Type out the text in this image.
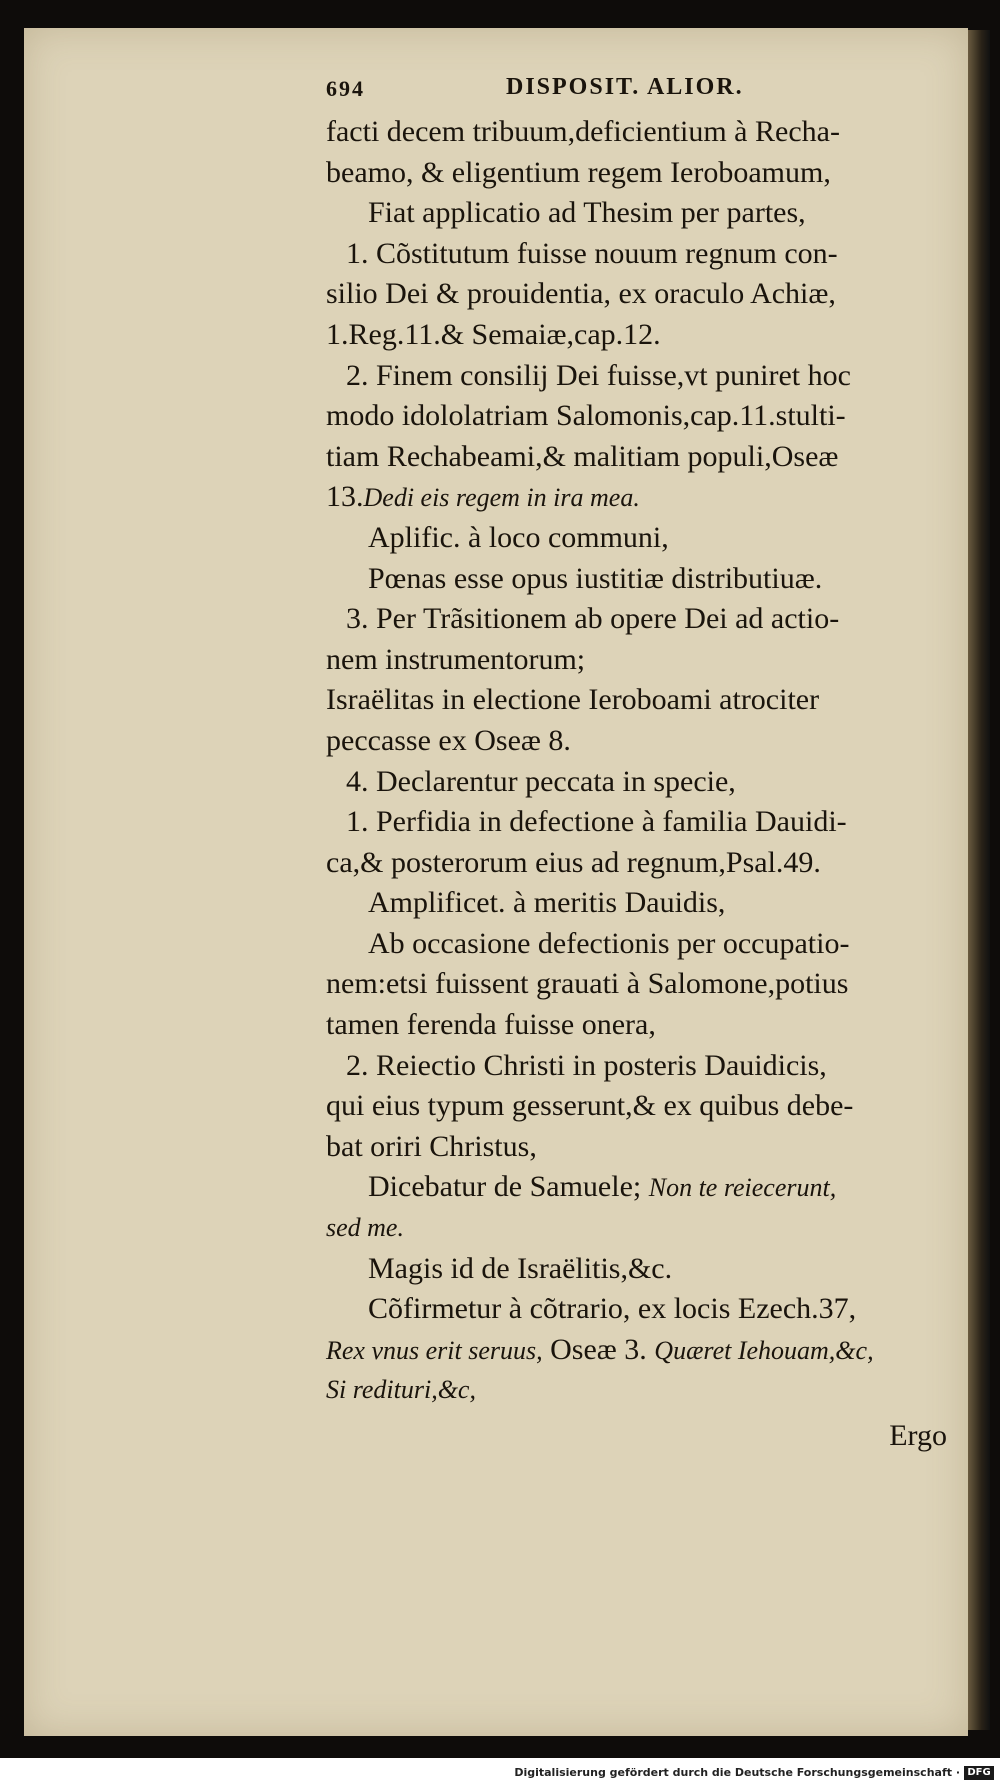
694	DISPOSIT. ALIOR.
facti decem tribuum,deficientium à Recha-
beamo, & eligentium regem Ieroboamum,
Fiat applicatio ad Thesim per partes,
1. Cõstitutum fuisse nouum regnum con-
silio Dei & prouidentia, ex oraculo Achiæ,
1.Reg.11.& Semaiæ,cap.12.
2. Finem consilij Dei fuisse,vt puniret hoc
modo idololatriam Salomonis,cap.11.stulti-
tiam Rechabeami,& malitiam populi,Oseæ
13.Dedi eis regem in ira mea.
Aplific. à loco communi,
Pœnas esse opus iustitiæ distributiuæ.
3. Per Trãsitionem ab opere Dei ad actio-
nem instrumentorum;
Israëlitas in electione Ieroboami atrociter
peccasse ex Oseæ 8.
4. Declarentur peccata in specie,
1. Perfidia in defectione à familia Dauidi-
ca,& posterorum eius ad regnum,Psal.49.
Amplificet. à meritis Dauidis,
Ab occasione defectionis per occupatio-
nem:etsi fuissent grauati à Salomone,potius
tamen ferenda fuisse onera,
2. Reiectio Christi in posteris Dauidicis,
qui eius typum gesserunt,& ex quibus debe-
bat oriri Christus,
Dicebatur de Samuele; Non te reiecerunt,
sed me.
Magis id de Israëlitis,&c.
Cõfirmetur à cõtrario, ex locis Ezech.37,
Rex vnus erit seruus, Oseæ 3. Quæret Iehouam,&c,
Si redituri,&c,
Ergo
Digitalisierung gefördert durch die Deutsche Forschungsgemeinschaft · DFG
